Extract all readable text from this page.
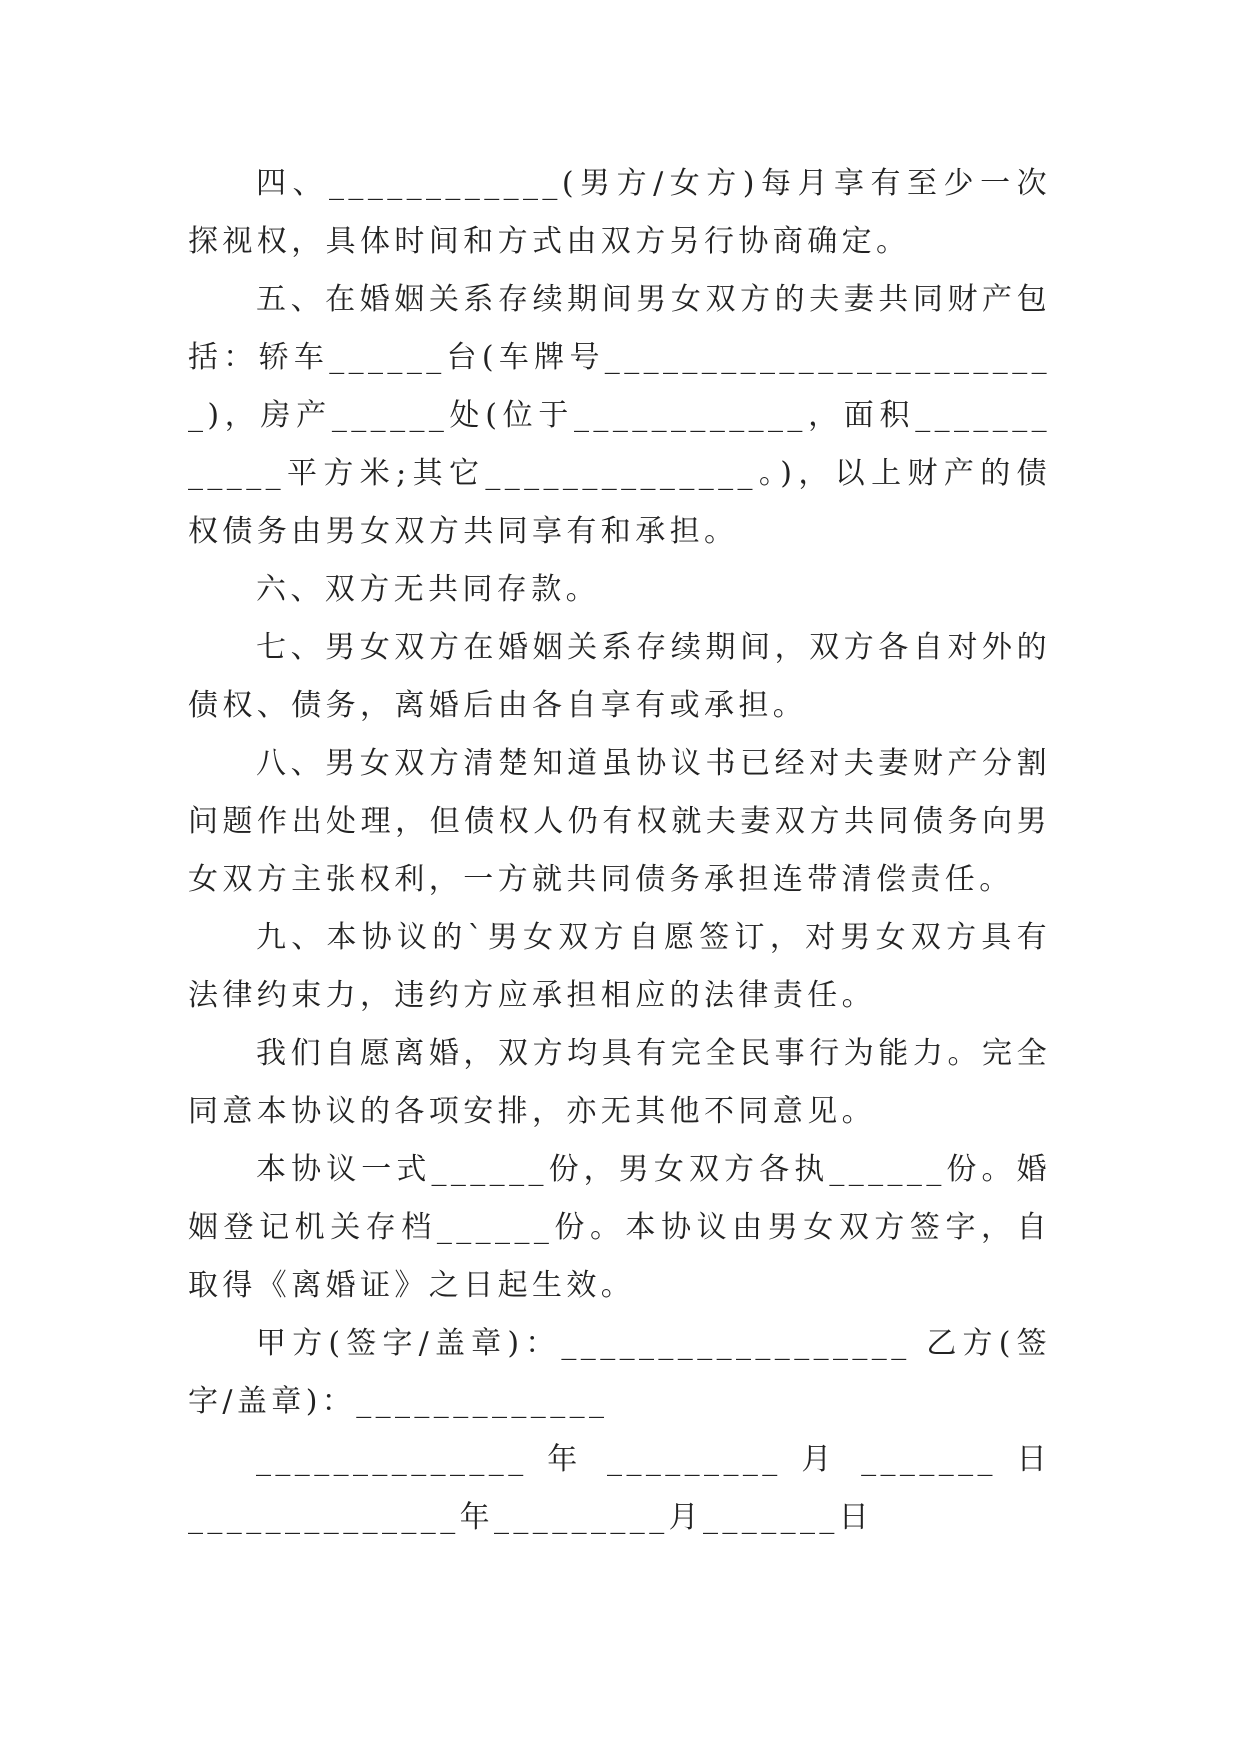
四、____________(男方/女方)每月享有至少一次探视权，具体时间和方式由双方另行协商确定。

五、在婚姻关系存续期间男女双方的夫妻共同财产包括：轿车______台(车牌号________________________)，房产______处(位于____________，面积____________平方米;其它______________。)，以上财产的债权债务由男女双方共同享有和承担。

六、双方无共同存款。

七、男女双方在婚姻关系存续期间，双方各自对外的债权、债务，离婚后由各自享有或承担。

八、男女双方清楚知道虽协议书已经对夫妻财产分割问题作出处理，但债权人仍有权就夫妻双方共同债务向男女双方主张权利，一方就共同债务承担连带清偿责任。

九、本协议的`男女双方自愿签订，对男女双方具有法律约束力，违约方应承担相应的法律责任。

我们自愿离婚，双方均具有完全民事行为能力。完全同意本协议的各项安排，亦无其他不同意见。

本协议一式______份，男女双方各执______份。婚姻登记机关存档______份。本协议由男女双方签字，自取得《离婚证》之日起生效。

甲方(签字/盖章)：__________________ 乙方(签字/盖章)：_____________

______________ 年 _________ 月 _______ 日

______________年_________月_______日
